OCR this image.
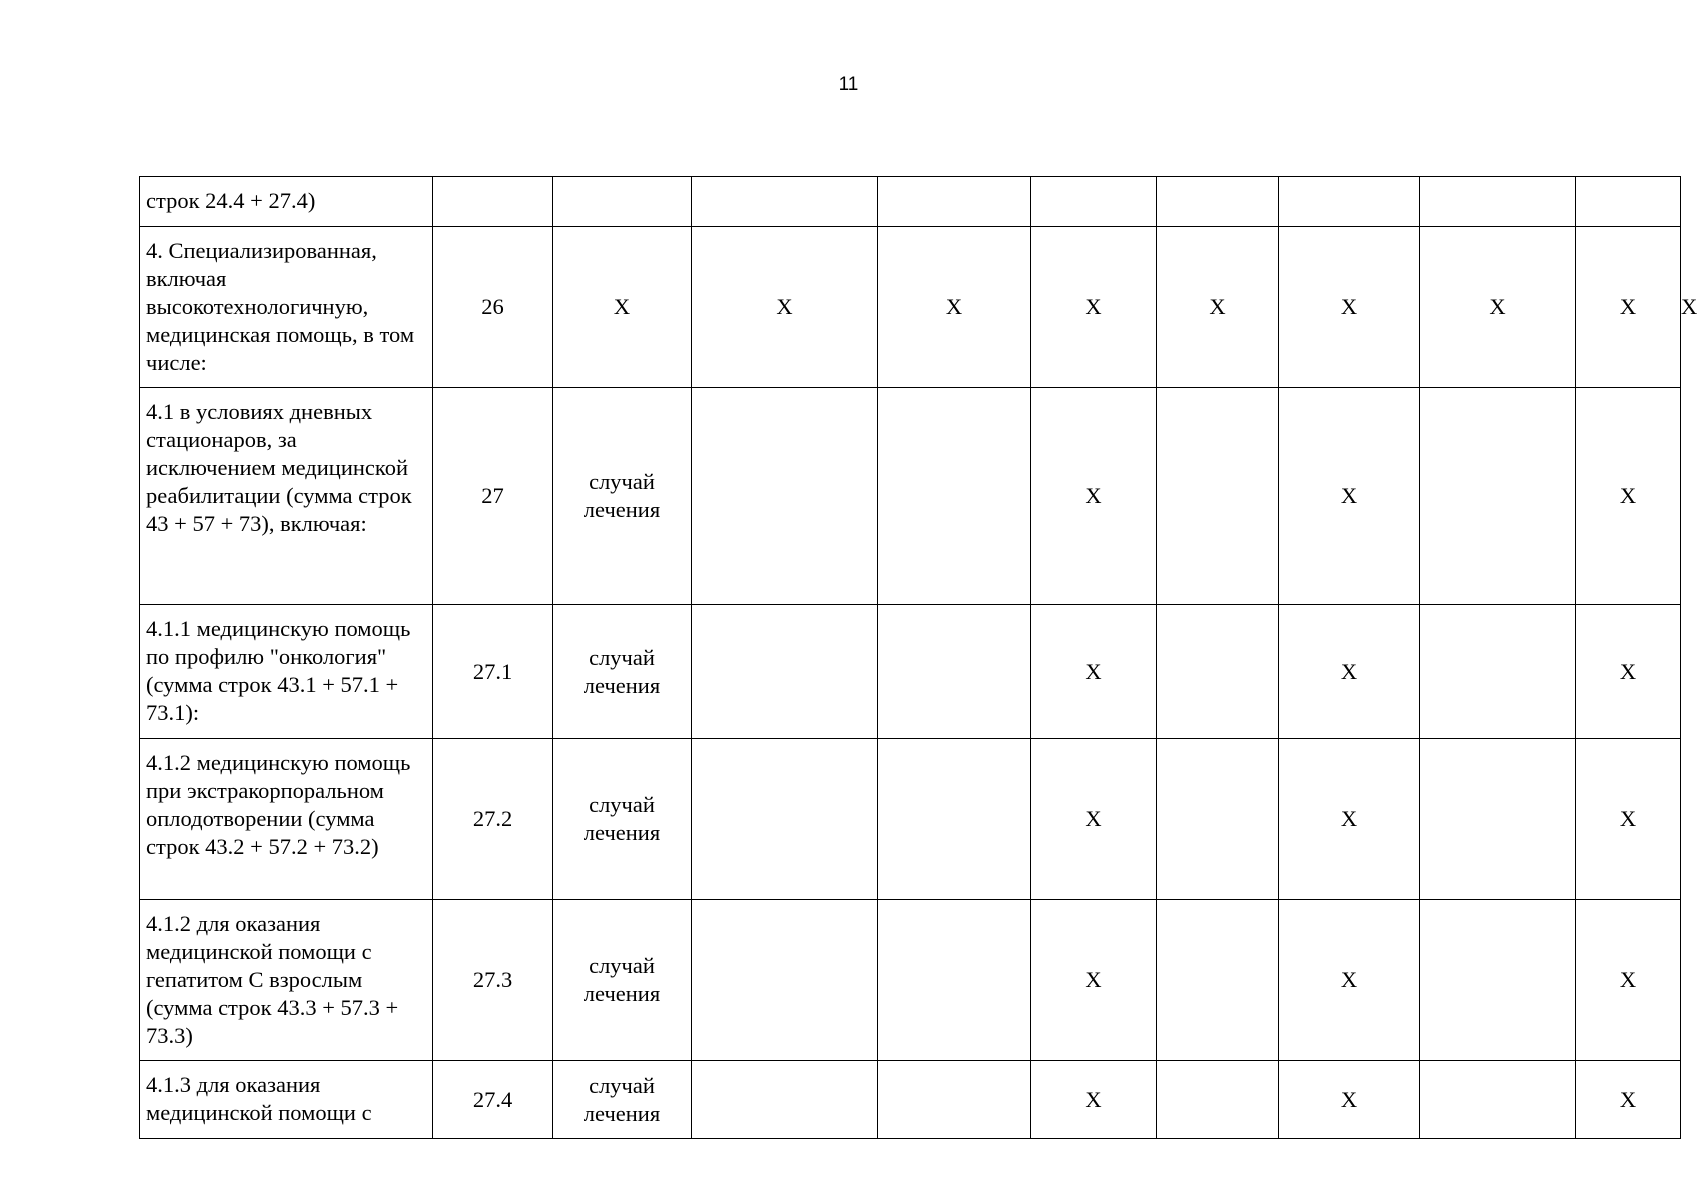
11
строк 24.4 + 27.4)										
4. Специализированная, включая высокотехнологичную, медицинская помощь, в том числе:	26	X	X	X	X	X	X	X	X	X
4.1 в условиях дневных стационаров, за исключением медицинской реабилитации (сумма строк 43 + 57 + 73), включая:	27	случай лечения			X		X		X	
4.1.1 медицинскую помощь по профилю "онкология" (сумма строк 43.1 + 57.1 + 73.1):	27.1	случай лечения			X		X		X	
4.1.2 медицинскую помощь при экстракорпоральном оплодотворении (сумма строк 43.2 + 57.2 + 73.2)	27.2	случай лечения			X		X		X	
4.1.2 для оказания медицинской помощи с гепатитом С взрослым (сумма строк 43.3 + 57.3 + 73.3)	27.3	случай лечения			X		X		X	
4.1.3 для оказания медицинской помощи с	27.4	случай лечения			X		X		X	
